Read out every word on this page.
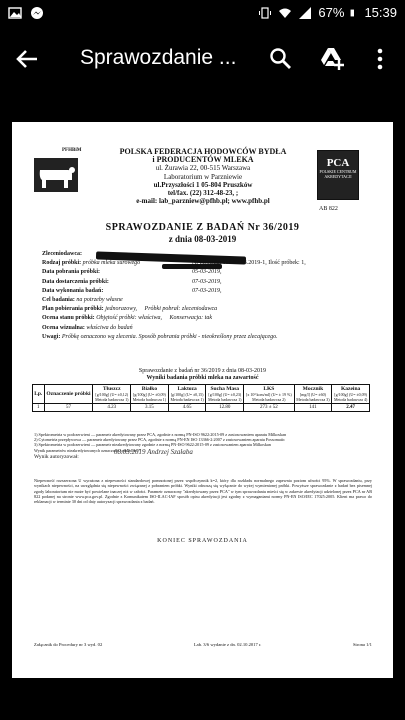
67% 15:39
Sprawozdanie ...
PFHBiM	POLSKA FEDERACJA HODOWCÓW BYDŁA
i PRODUCENTÓW MLEKA
ul. Żurawia 22, 00-515 Warszawa
Laboratorium w Parzniewie
ul.Przyszłości 1 05-804 Pruszków
tel/fax. (22) 312-48-23, ;
e-mail: lab_parzniew@pfhb.pl; www.pfhb.pl
PCA
POLSKIE CENTRUM AKREDYTACJI
AB 822
SPRAWOZDANIE Z BADAŃ Nr 36/2019
z dnia 08-03-2019
Zleceniodawca:
Rodzaj próbki: próbka mleka surowego	Nr zlecenia: 111-07.03.2019-1, Ilość próbek: 1,
Data pobrania próbki:	05-03-2019,
Data dostarczenia próbki:	07-03-2019,
Data wykonania badań:	07-03-2019,
Cel badania: na potrzeby własne
Plan pobierania próbki: jednorazowy, Próbki pobrał: zleceniodawca
Ocena stanu próbki: Objętość próbki: właściwa, Konserwacja: tak
Ocena wizualna: właściwa do badań
Uwagi: Próbkę oznaczono wg zlecenia. Sposób pobrania próbki - nieokreślony przez zlecającego.
Sprawozdanie z badań nr 36/2019 z dnia 08-03-2019
Wyniki badania próbki mleka na zawartość
Lp.	Oznaczenie próbki	Tłuszcz
[g/100g] (U= ±0,12)
Metoda badawcza 1)	Białko
[g/100g] (U= ±0,09)
Metoda badawcza 1)	Laktoza
[g/100g] (U= ±0,15)
Metoda badawcza 1)	Sucha Masa
[g/100g] (U= ±0,23)
Metoda badawcza 1)	LKS
[x 10³ kom/ml] (U= ± 19 %)
Metoda badawcza 2)	Mocznik
[mg/l] (U= ±60)
Metoda badawcza 3)	Kazeina
[g/100g] (U= ±0,09)
Metoda badawcza 4)

1	57	4.23	3.15	4.65	12.80	273 ± 52	141	2.47
1) Spektrometria w podczerwieni — parametr akredytowany przez PCA, zgodnie z normą PN-ISO 9622:2015-09 z zastosowaniem aparatu Milkoskan
2) Cytometria przepływowa — parametr akredytowany przez PCA, zgodnie z normą PN-EN ISO 13366-2:2007 z zastosowaniem aparatu Fossomatic
3) Spektrometria w podczerwieni — parametr nieakredytowany zgodnie z normą PN-ISO 9622:2015-09 z zastosowaniem aparatu Milkoskan
Wynik parametrów nieakredytowanych oznaczono symbolem *
Wynik autoryzował:
08.03.2019 Andrzej Szałaba
Niepewność rozszerzona U wyrażona z niepewności standardowej pomnożonej przez współczynnik k=2, który dla rozkładu normalnego zapewnia poziom ufności 95%. W sprawozdaniu, przy wynikach niepewności, na uwzględnia się niepewności związanej z pobraniem próbki. Wyniki odnoszą się wyłącznie do wyżej wymienionej próbki. Powyższe sprawozdanie z badań bez pisemnej zgody laboratorium nie może być powielane inaczej niż w całości. Parametr oznaczony "akredytowany przez PCA" w tym sprawozdaniu mieści się w zakresie akredytacji udzielonej przez PCA nr AB 822 podanej na stronie www.pca.gov.pl. Zgodnie z Komunikatem ISO-ILAC-IAF sposób opisu akredytacji jest zgodny z wymaganiami normy PN-EN ISO/IEC 17025:2005. Klient ma prawo do reklamacji w terminie 30 dni od daty autoryzacji sprawozdania z badań.
KONIEC SPRAWOZDANIA
Załącznik do Procedury nr 3 wyd. 02	Lab. 3/6 wydanie z dn. 02.10.2017 r.	Strona 1/1
